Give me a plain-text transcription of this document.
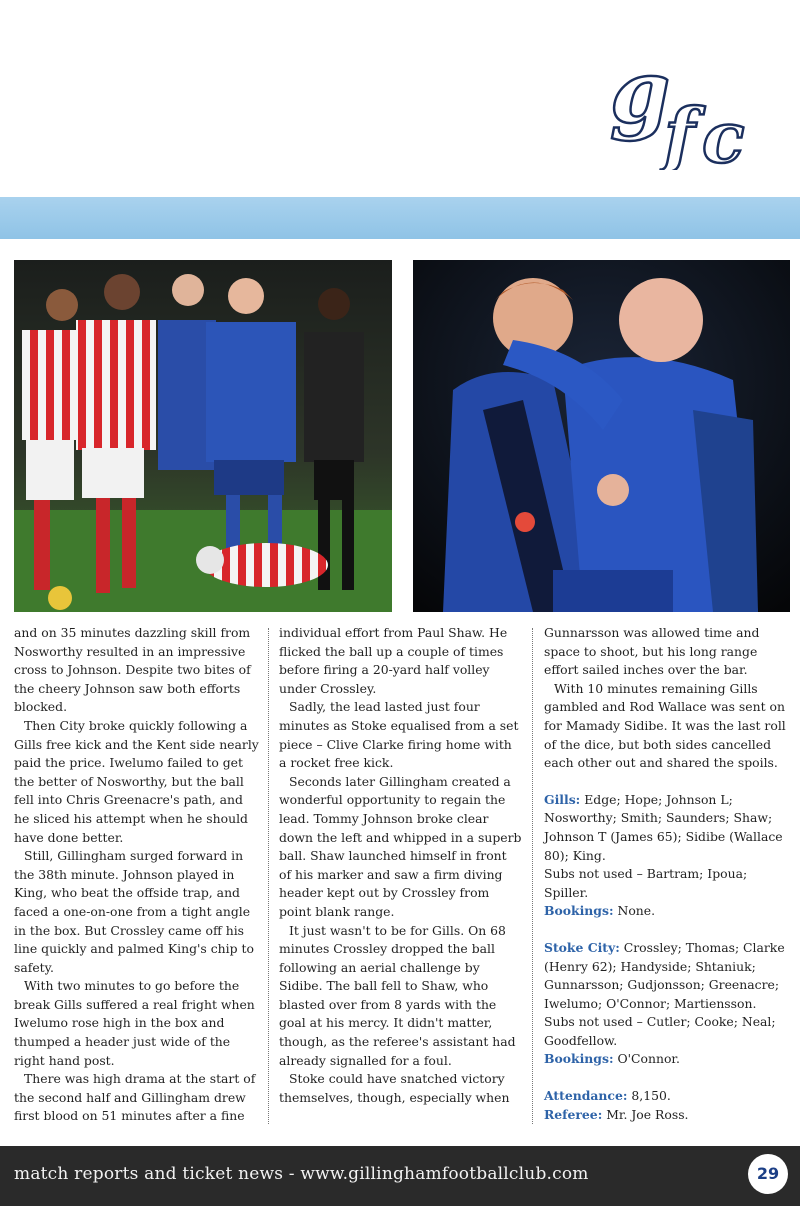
g
f c

and on 35 minutes dazzling skill from Nosworthy resulted in an impressive cross to Johnson. Despite two bites of the cheery Johnson saw both efforts blocked.

Then City broke quickly following a Gills free kick and the Kent side nearly paid the price. Iwelumo failed to get the better of Nosworthy, but the ball fell into Chris Greenacre's path, and he sliced his attempt when he should have done better.

Still, Gillingham surged forward in the 38th minute. Johnson played in King, who beat the offside trap, and faced a one-on-one from a tight angle in the box. But Crossley came off his line quickly and palmed King's chip to safety.

With two minutes to go before the break Gills suffered a real fright when Iwelumo rose high in the box and thumped a header just wide of the right hand post.

There was high drama at the start of the second half and Gillingham drew first blood on 51 minutes after a fine

individual effort from Paul Shaw. He flicked the ball up a couple of times before firing a 20-yard half volley under Crossley.

Sadly, the lead lasted just four minutes as Stoke equalised from a set piece – Clive Clarke firing home with a rocket free kick.

Seconds later Gillingham created a wonderful opportunity to regain the lead. Tommy Johnson broke clear down the left and whipped in a superb ball. Shaw launched himself in front of his marker and saw a firm diving header kept out by Crossley from point blank range.

It just wasn't to be for Gills. On 68 minutes Crossley dropped the ball following an aerial challenge by Sidibe. The ball fell to Shaw, who blasted over from 8 yards with the goal at his mercy. It didn't matter, though, as the referee's assistant had already signalled for a foul.

Stoke could have snatched victory themselves, though, especially when

Gunnarsson was allowed time and space to shoot, but his long range effort sailed inches over the bar.

With 10 minutes remaining Gills gambled and Rod Wallace was sent on for Mamady Sidibe. It was the last roll of the dice, but both sides cancelled each other out and shared the spoils.

Gills: Edge; Hope; Johnson L; Nosworthy; Smith; Saunders; Shaw; Johnson T (James 65); Sidibe (Wallace 80); King.

Subs not used – Bartram; Ipoua; Spiller.

Bookings: None.

Stoke City: Crossley; Thomas; Clarke (Henry 62); Handyside; Shtaniuk; Gunnarsson; Gudjonsson; Greenacre; Iwelumo; O'Connor; Martiensson.

Subs not used – Cutler; Cooke; Neal; Goodfellow.

Bookings: O'Connor.

Attendance: 8,150.

Referee: Mr. Joe Ross.

match reports and ticket news - www.gillinghamfootballclub.com	29
